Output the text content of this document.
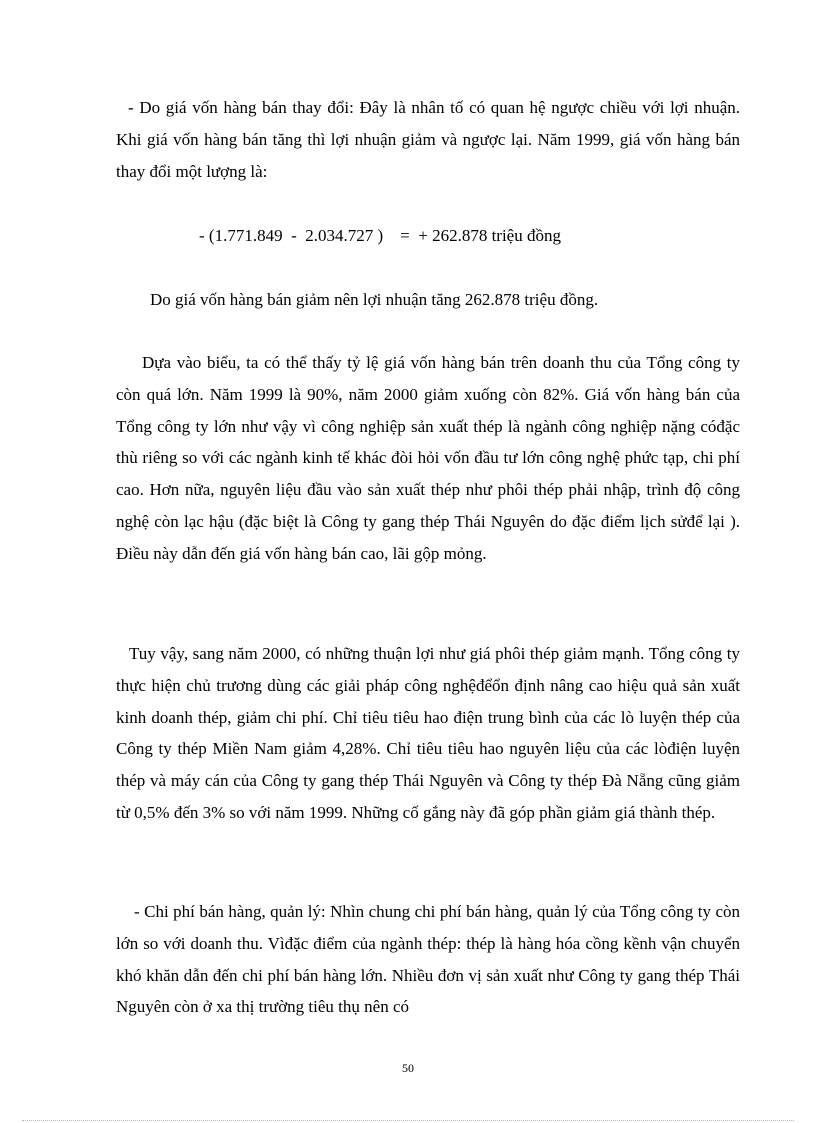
- Do giá vốn hàng bán thay đổi: Đây là nhân tố có quan hệ ngược chiều với lợi nhuận. Khi giá vốn hàng bán tăng thì lợi nhuận giảm và ngược lại. Năm 1999, giá vốn hàng bán thay đổi một lượng là:

- (1.771.849  -  2.034.727 )    =  + 262.878 triệu đồng

Do giá vốn hàng bán giảm nên lợi nhuận tăng 262.878 triệu đồng.

Dựa vào biểu, ta có thể thấy tỷ lệ giá vốn hàng bán trên doanh thu của Tổng công ty còn quá lớn. Năm 1999 là 90%, năm 2000 giảm xuống còn 82%. Giá vốn hàng bán của Tổng công ty lớn như vậy vì công nghiệp sản xuất thép là ngành công nghiệp nặng cóđặc thù riêng so với các ngành kinh tế khác đòi hỏi vốn đầu tư lớn công nghệ phức tạp, chi phí cao. Hơn nữa, nguyên liệu đầu vào sản xuất thép như phôi thép phải nhập, trình độ công nghệ còn lạc hậu (đặc biệt là Công ty gang thép Thái Nguyên do đặc điểm lịch sửđể lại ). Điều này dẫn đến giá vốn hàng bán cao, lãi gộp mỏng.

Tuy vậy, sang năm 2000, có những thuận lợi như giá phôi thép giảm mạnh. Tổng công ty thực hiện chủ trương dùng các giải pháp công nghệđểổn định nâng cao hiệu quả sản xuất kinh doanh thép, giảm chi phí. Chỉ tiêu tiêu hao điện trung bình của các lò luyện thép của Công ty thép Miền Nam giảm 4,28%. Chỉ tiêu tiêu hao nguyên liệu của các lòđiện luyện thép và máy cán của Công ty gang thép Thái Nguyên và Công ty thép Đà Nẵng cũng giảm từ 0,5% đến 3% so với năm 1999. Những cố gắng này đã góp phần giảm giá thành thép.

- Chi phí bán hàng, quản lý: Nhìn chung chi phí bán hàng, quản lý của Tổng công ty còn lớn so với doanh thu. Vìđặc điểm của ngành thép: thép là hàng hóa cồng kềnh vận chuyển khó khăn dẫn đến chi phí bán hàng lớn. Nhiều đơn vị sản xuất như Công ty gang thép Thái Nguyên còn ở xa thị trường tiêu thụ nên có

50
